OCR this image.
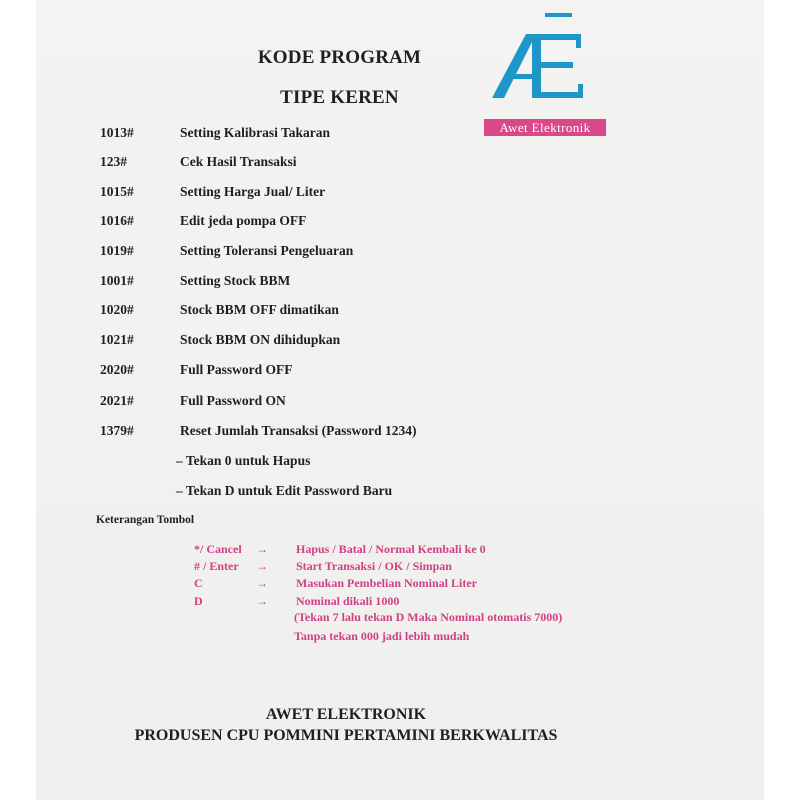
KODE PROGRAM
TIPE KEREN
Awet Elektronik
1013#	Setting Kalibrasi Takaran
123#	Cek Hasil Transaksi
1015#	Setting Harga Jual/ Liter
1016#	Edit jeda pompa OFF
1019#	Setting Toleransi Pengeluaran
1001#	Setting Stock BBM
1020#	Stock BBM OFF dimatikan
1021#	Stock BBM ON dihidupkan
2020#	Full Password OFF
2021#	Full Password ON
1379#	Reset Jumlah Transaksi (Password 1234)
– Tekan 0 untuk Hapus
– Tekan D untuk Edit Password Baru
Keterangan Tombol
*/ Cancel → Hapus / Batal / Normal Kembali ke 0
# / Enter → Start Transaksi / OK / Simpan
C	→ Masukan Pembelian Nominal Liter
D	→ Nominal dikali 1000
(Tekan 7 lalu tekan D Maka Nominal otomatis 7000)
Tanpa tekan 000 jadi lebih mudah
AWET ELEKTRONIK
PRODUSEN CPU POMMINI PERTAMINI BERKWALITAS
